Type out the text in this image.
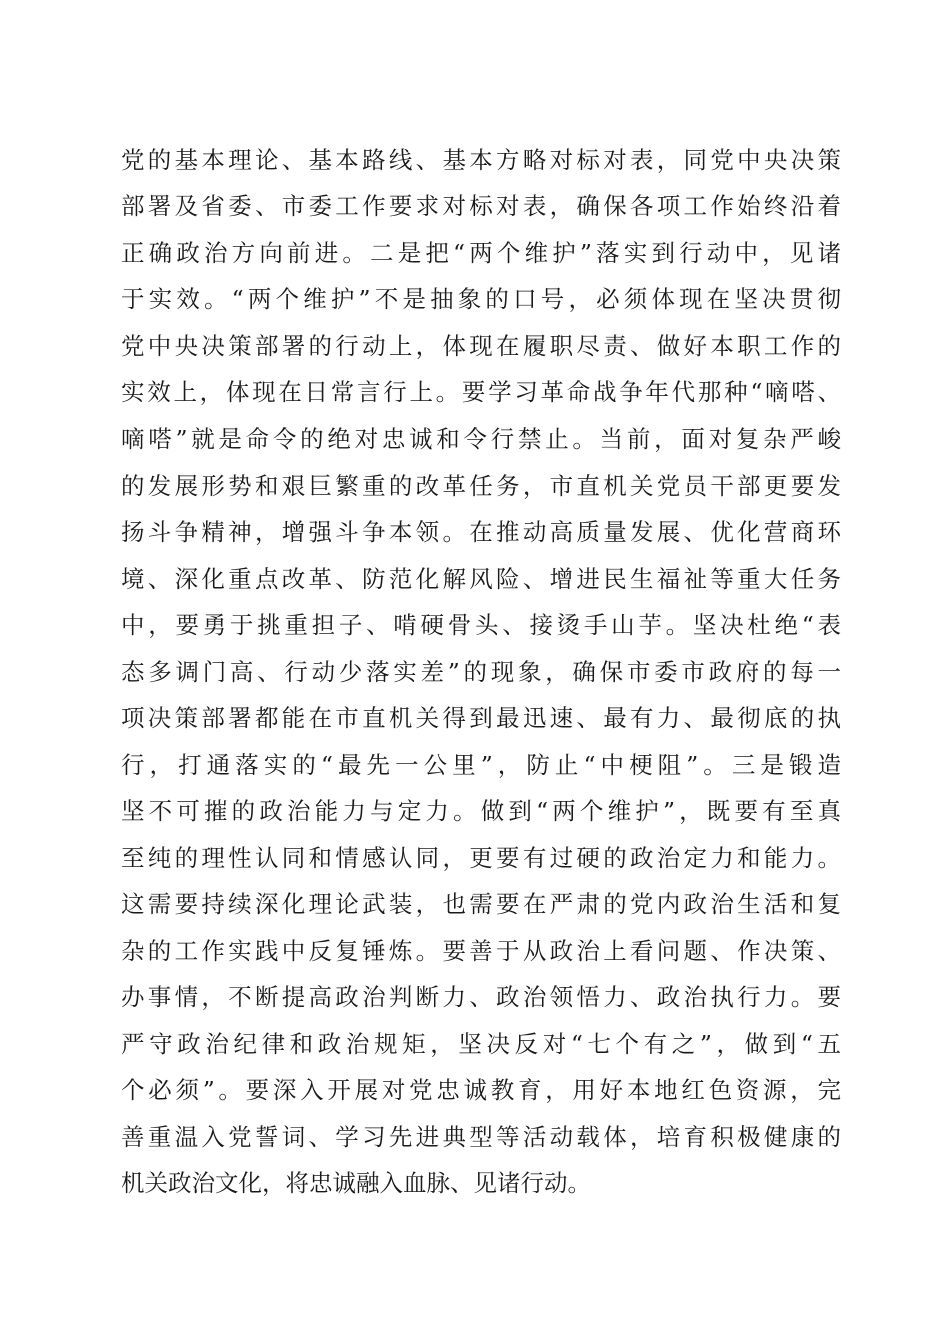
党的基本理论、基本路线、基本方略对标对表，同党中央决策
部署及省委、市委工作要求对标对表，确保各项工作始终沿着
正确政治方向前进。二是把“两个维护”落实到行动中，见诸
于实效。“两个维护”不是抽象的口号，必须体现在坚决贯彻
党中央决策部署的行动上，体现在履职尽责、做好本职工作的
实效上，体现在日常言行上。要学习革命战争年代那种“嘀嗒、
嘀嗒”就是命令的绝对忠诚和令行禁止。当前，面对复杂严峻
的发展形势和艰巨繁重的改革任务，市直机关党员干部更要发
扬斗争精神，增强斗争本领。在推动高质量发展、优化营商环
境、深化重点改革、防范化解风险、增进民生福祉等重大任务
中，要勇于挑重担子、啃硬骨头、接烫手山芋。坚决杜绝“表
态多调门高、行动少落实差”的现象，确保市委市政府的每一
项决策部署都能在市直机关得到最迅速、最有力、最彻底的执
行，打通落实的“最先一公里”，防止“中梗阻”。三是锻造
坚不可摧的政治能力与定力。做到“两个维护”，既要有至真
至纯的理性认同和情感认同，更要有过硬的政治定力和能力。
这需要持续深化理论武装，也需要在严肃的党内政治生活和复
杂的工作实践中反复锤炼。要善于从政治上看问题、作决策、
办事情，不断提高政治判断力、政治领悟力、政治执行力。要
严守政治纪律和政治规矩，坚决反对“七个有之”，做到“五
个必须”。要深入开展对党忠诚教育，用好本地红色资源，完
善重温入党誓词、学习先进典型等活动载体，培育积极健康的
机关政治文化，将忠诚融入血脉、见诸行动。
